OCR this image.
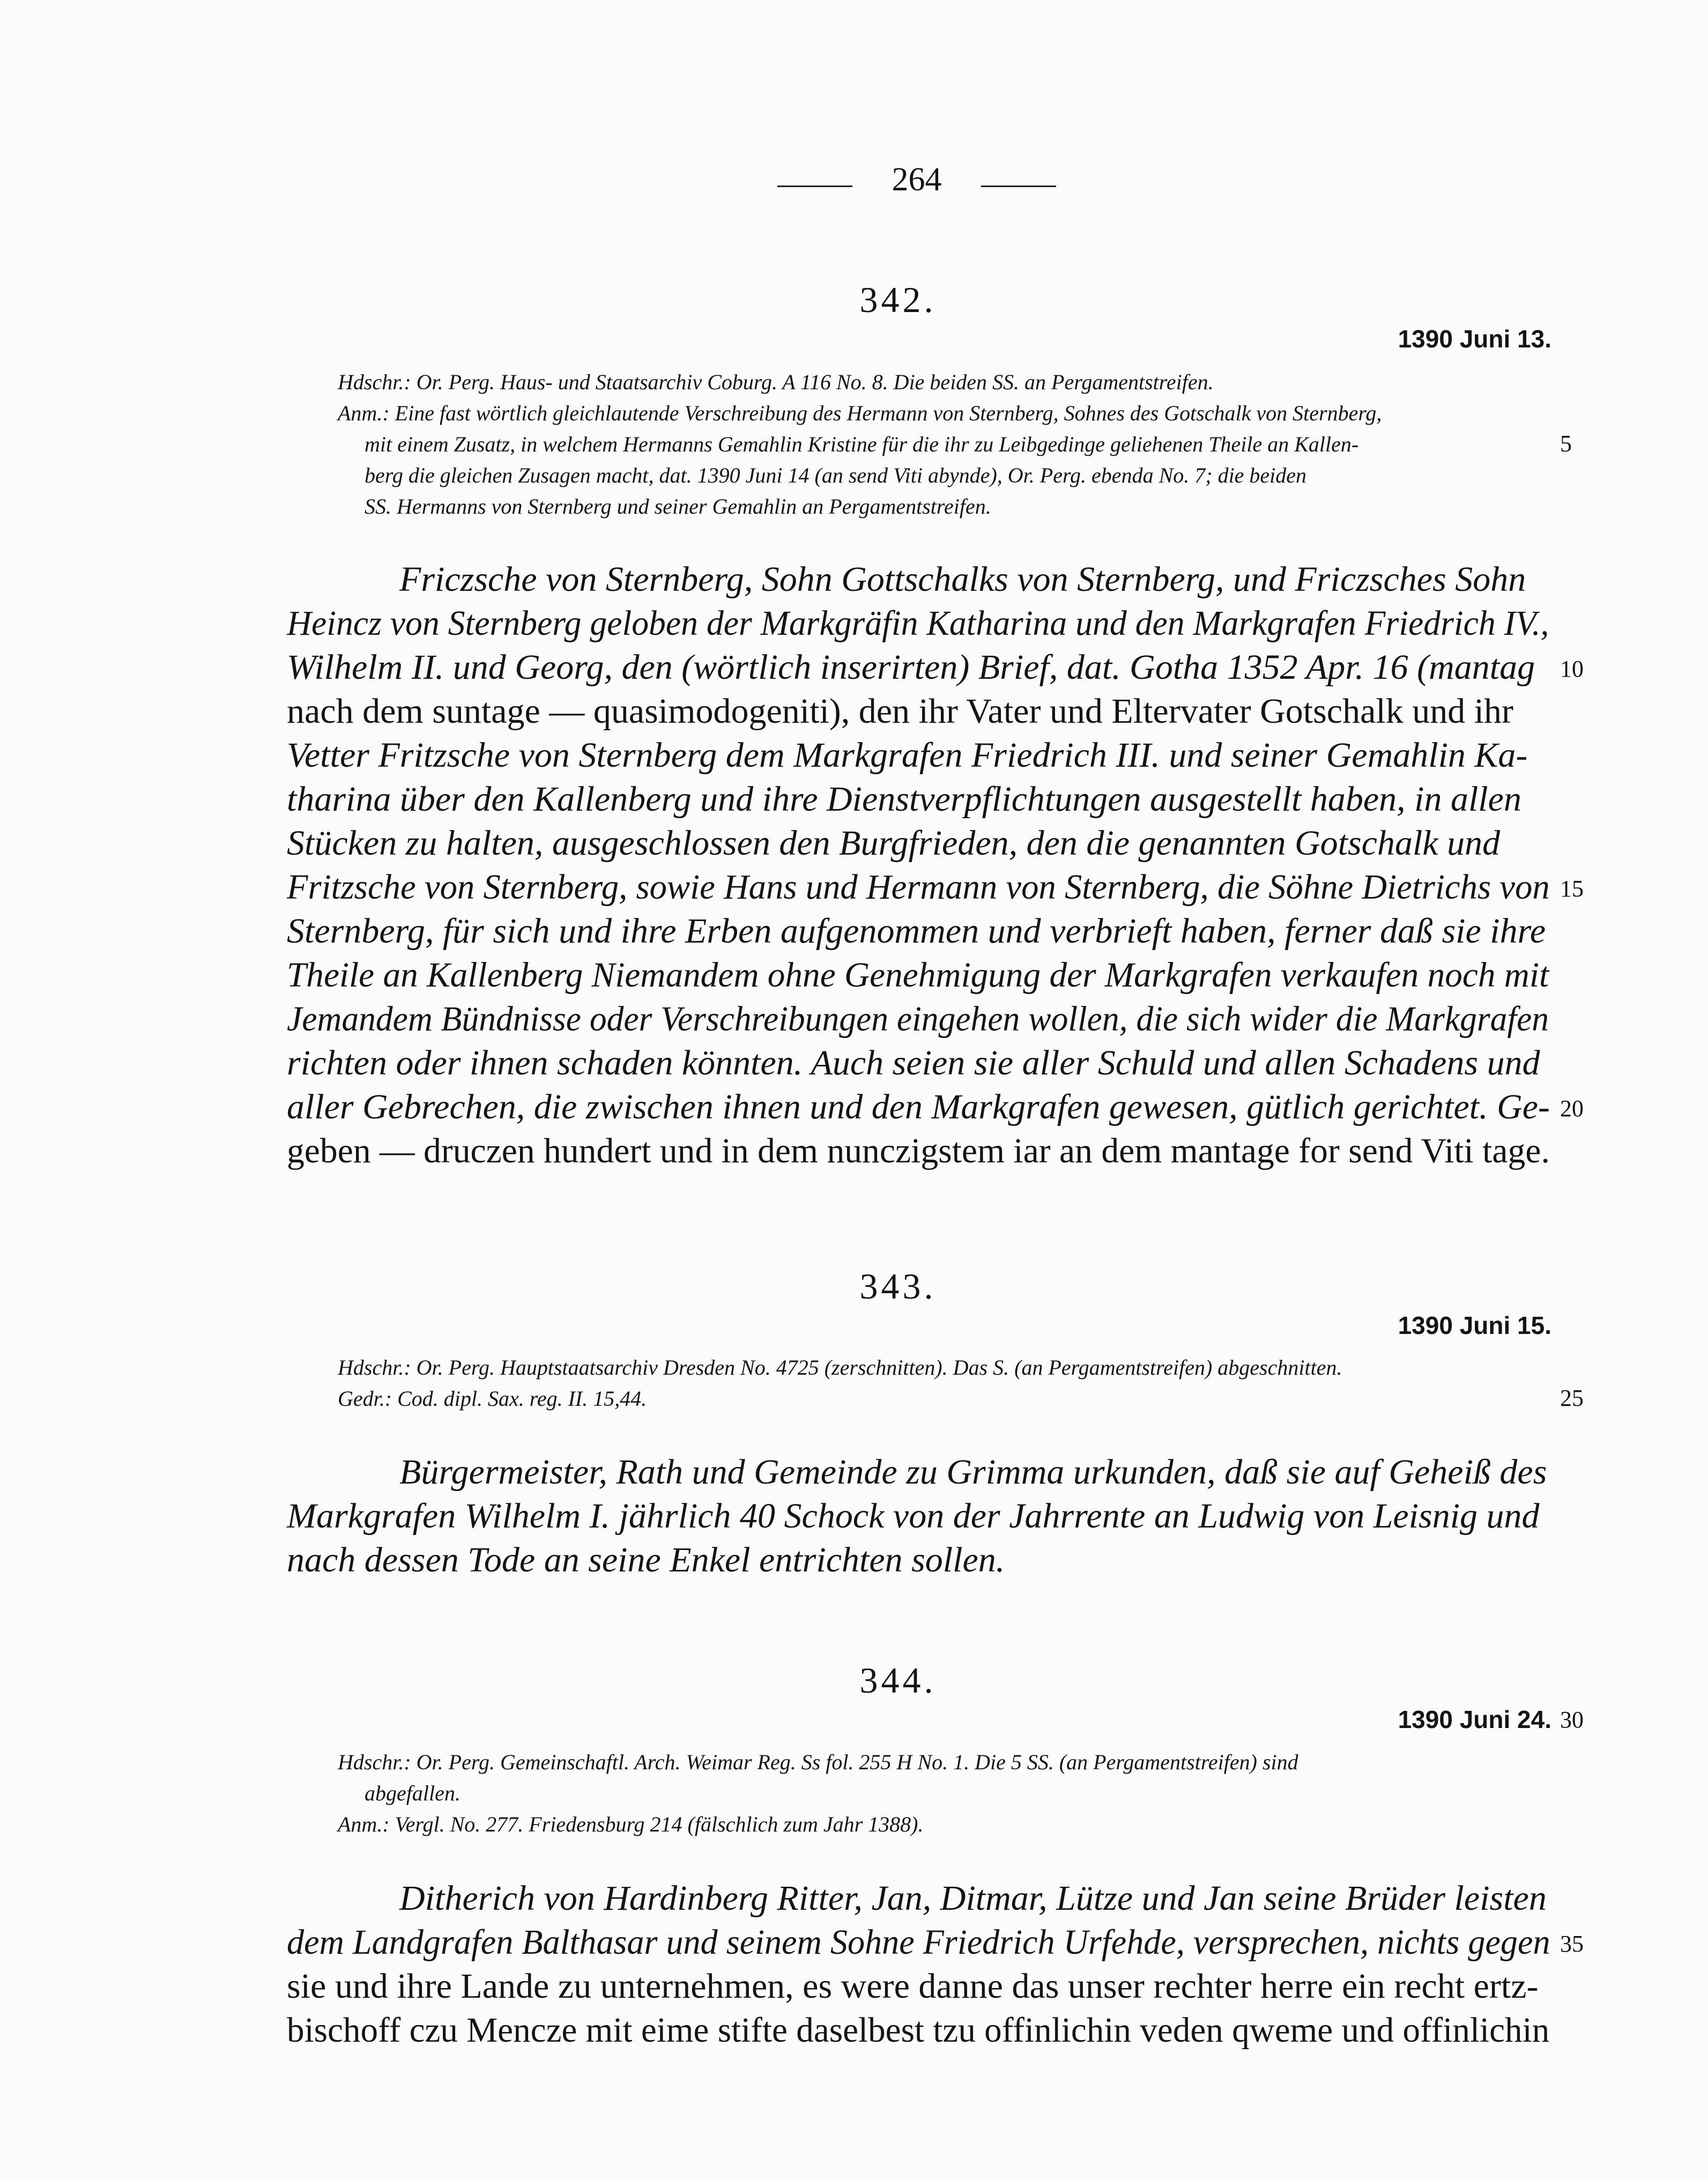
264
342.
1390 Juni 13.
Hdschr.: Or. Perg. Haus- und Staatsarchiv Coburg. A 116 No. 8. Die beiden SS. an Pergamentstreifen.
Anm.: Eine fast wörtlich gleichlautende Verschreibung des Hermann von Sternberg, Sohnes des Gotschalk von Sternberg,
mit einem Zusatz, in welchem Hermanns Gemahlin Kristine für die ihr zu Leibgedinge geliehenen Theile an Kallen-
berg die gleichen Zusagen macht, dat. 1390 Juni 14 (an send Viti abynde), Or. Perg. ebenda No. 7; die beiden
SS. Hermanns von Sternberg und seiner Gemahlin an Pergamentstreifen.
Friczsche von Sternberg, Sohn Gottschalks von Sternberg, und Friczsches Sohn
Heincz von Sternberg geloben der Markgräfin Katharina und den Markgrafen Friedrich IV.,
Wilhelm II. und Georg, den (wörtlich inserirten) Brief, dat. Gotha 1352 Apr. 16 (mantag
nach dem suntage — quasimodogeniti), den ihr Vater und Eltervater Gotschalk und ihr
Vetter Fritzsche von Sternberg dem Markgrafen Friedrich III. und seiner Gemahlin Ka-
tharina über den Kallenberg und ihre Dienstverpflichtungen ausgestellt haben, in allen
Stücken zu halten, ausgeschlossen den Burgfrieden, den die genannten Gotschalk und
Fritzsche von Sternberg, sowie Hans und Hermann von Sternberg, die Söhne Dietrichs von
Sternberg, für sich und ihre Erben aufgenommen und verbrieft haben, ferner daß sie ihre
Theile an Kallenberg Niemandem ohne Genehmigung der Markgrafen verkaufen noch mit
Jemandem Bündnisse oder Verschreibungen eingehen wollen, die sich wider die Markgrafen
richten oder ihnen schaden könnten. Auch seien sie aller Schuld und allen Schadens und
aller Gebrechen, die zwischen ihnen und den Markgrafen gewesen, gütlich gerichtet. Ge-
geben — druczen hundert und in dem nunczigstem iar an dem mantage for send Viti tage.
343.
1390 Juni 15.
Hdschr.: Or. Perg. Hauptstaatsarchiv Dresden No. 4725 (zerschnitten). Das S. (an Pergamentstreifen) abgeschnitten.
Gedr.: Cod. dipl. Sax. reg. II. 15,44.
Bürgermeister, Rath und Gemeinde zu Grimma urkunden, daß sie auf Geheiß des
Markgrafen Wilhelm I. jährlich 40 Schock von der Jahrrente an Ludwig von Leisnig und
nach dessen Tode an seine Enkel entrichten sollen.
344.
1390 Juni 24.
Hdschr.: Or. Perg. Gemeinschaftl. Arch. Weimar Reg. Ss fol. 255 H No. 1. Die 5 SS. (an Pergamentstreifen) sind
abgefallen.
Anm.: Vergl. No. 277. Friedensburg 214 (fälschlich zum Jahr 1388).
Ditherich von Hardinberg Ritter, Jan, Ditmar, Lütze und Jan seine Brüder leisten
dem Landgrafen Balthasar und seinem Sohne Friedrich Urfehde, versprechen, nichts gegen
sie und ihre Lande zu unternehmen, es were danne das unser rechter herre ein recht ertz-
bischoff czu Mencze mit eime stifte daselbest tzu offinlichin veden qweme und offinlichin
5
10
15
20
25
30
35
